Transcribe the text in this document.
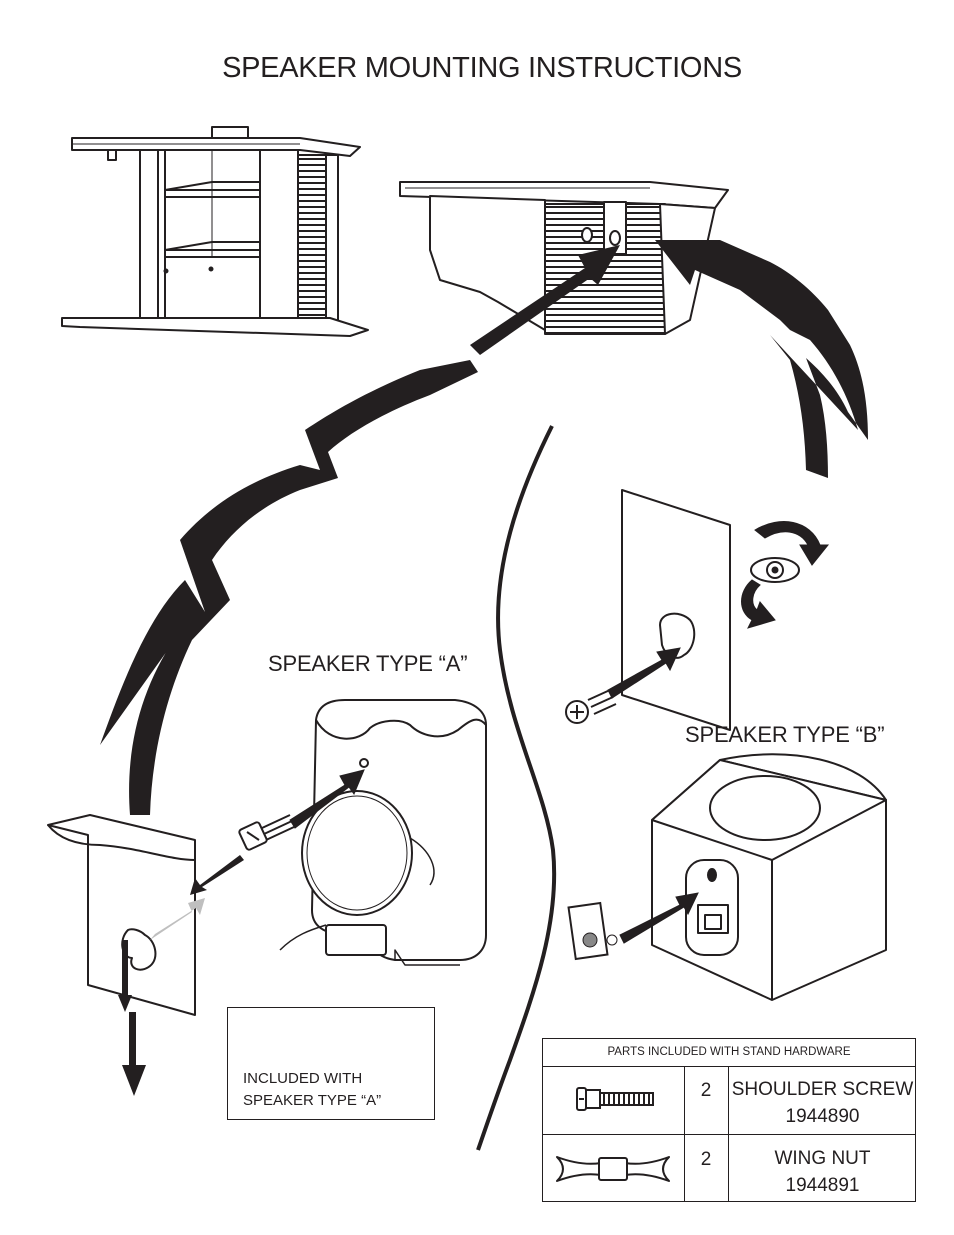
SPEAKER MOUNTING INSTRUCTIONS
SPEAKER TYPE “A”
SPEAKER TYPE “B”
INCLUDED WITH
SPEAKER TYPE “A”
PARTS INCLUDED WITH STAND HARDWARE
2	SHOULDER SCREW
1944890
2	WING NUT
1944891
